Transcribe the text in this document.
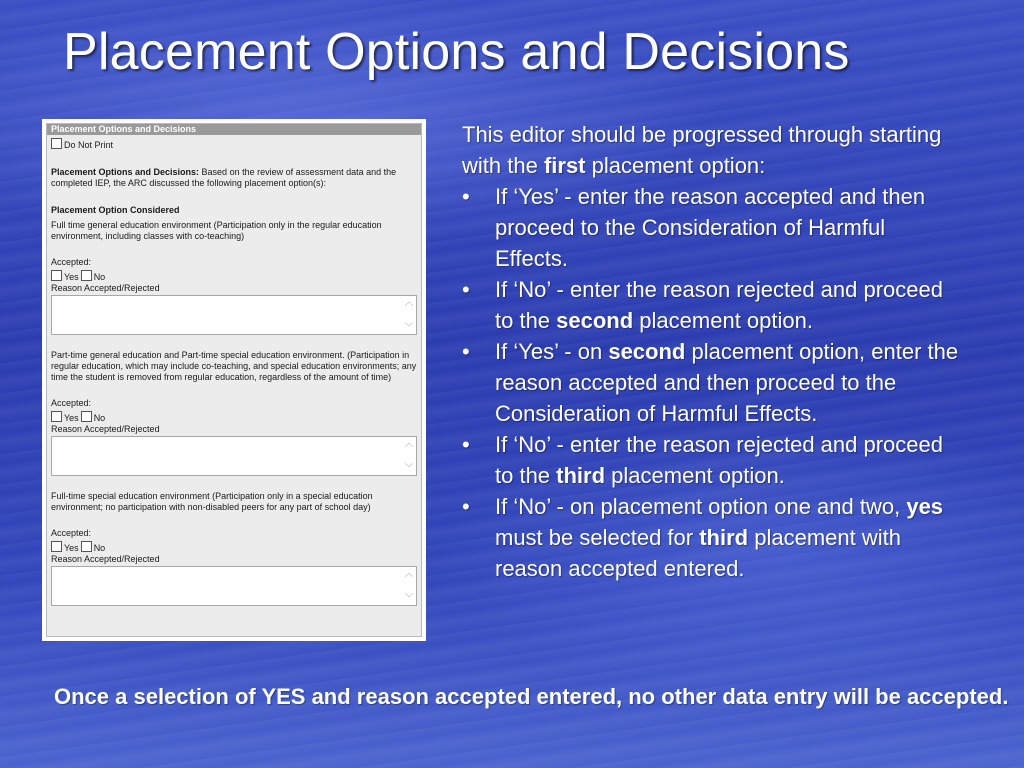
Placement Options and Decisions
Placement Options and Decisions
Do Not Print
Placement Options and Decisions: Based on the review of assessment data and the completed IEP, the ARC discussed the following placement option(s):
Placement Option Considered
Full time general education environment (Participation only in the regular education environment, including classes with co-teaching)
Accepted:
Yes No
Reason Accepted/Rejected
︿
﹀
Part-time general education and Part-time special education environment. (Participation in regular education, which may include co-teaching, and special education environments; any time the student is removed from regular education, regardless of the amount of time)
Accepted:
Yes No
Reason Accepted/Rejected
︿
﹀
Full-time special education environment (Participation only in a special education environment; no participation with non-disabled peers for any part of school day)
Accepted:
Yes No
Reason Accepted/Rejected
︿
﹀

This editor should be progressed through starting with the first placement option:

•	If ‘Yes’ - enter the reason accepted and then proceed to the Consideration of Harmful Effects.
•	If ‘No’ - enter the reason rejected and proceed to the second placement option.
•	If ‘Yes’ - on second placement option, enter the reason accepted and then proceed to the Consideration of Harmful Effects.
•	If ‘No’ - enter the reason rejected and proceed to the third placement option.
•	If ‘No’ - on placement option one and two, yes must be selected for third placement with reason accepted entered.

Once a selection of YES and reason accepted entered, no other data entry will be accepted.
